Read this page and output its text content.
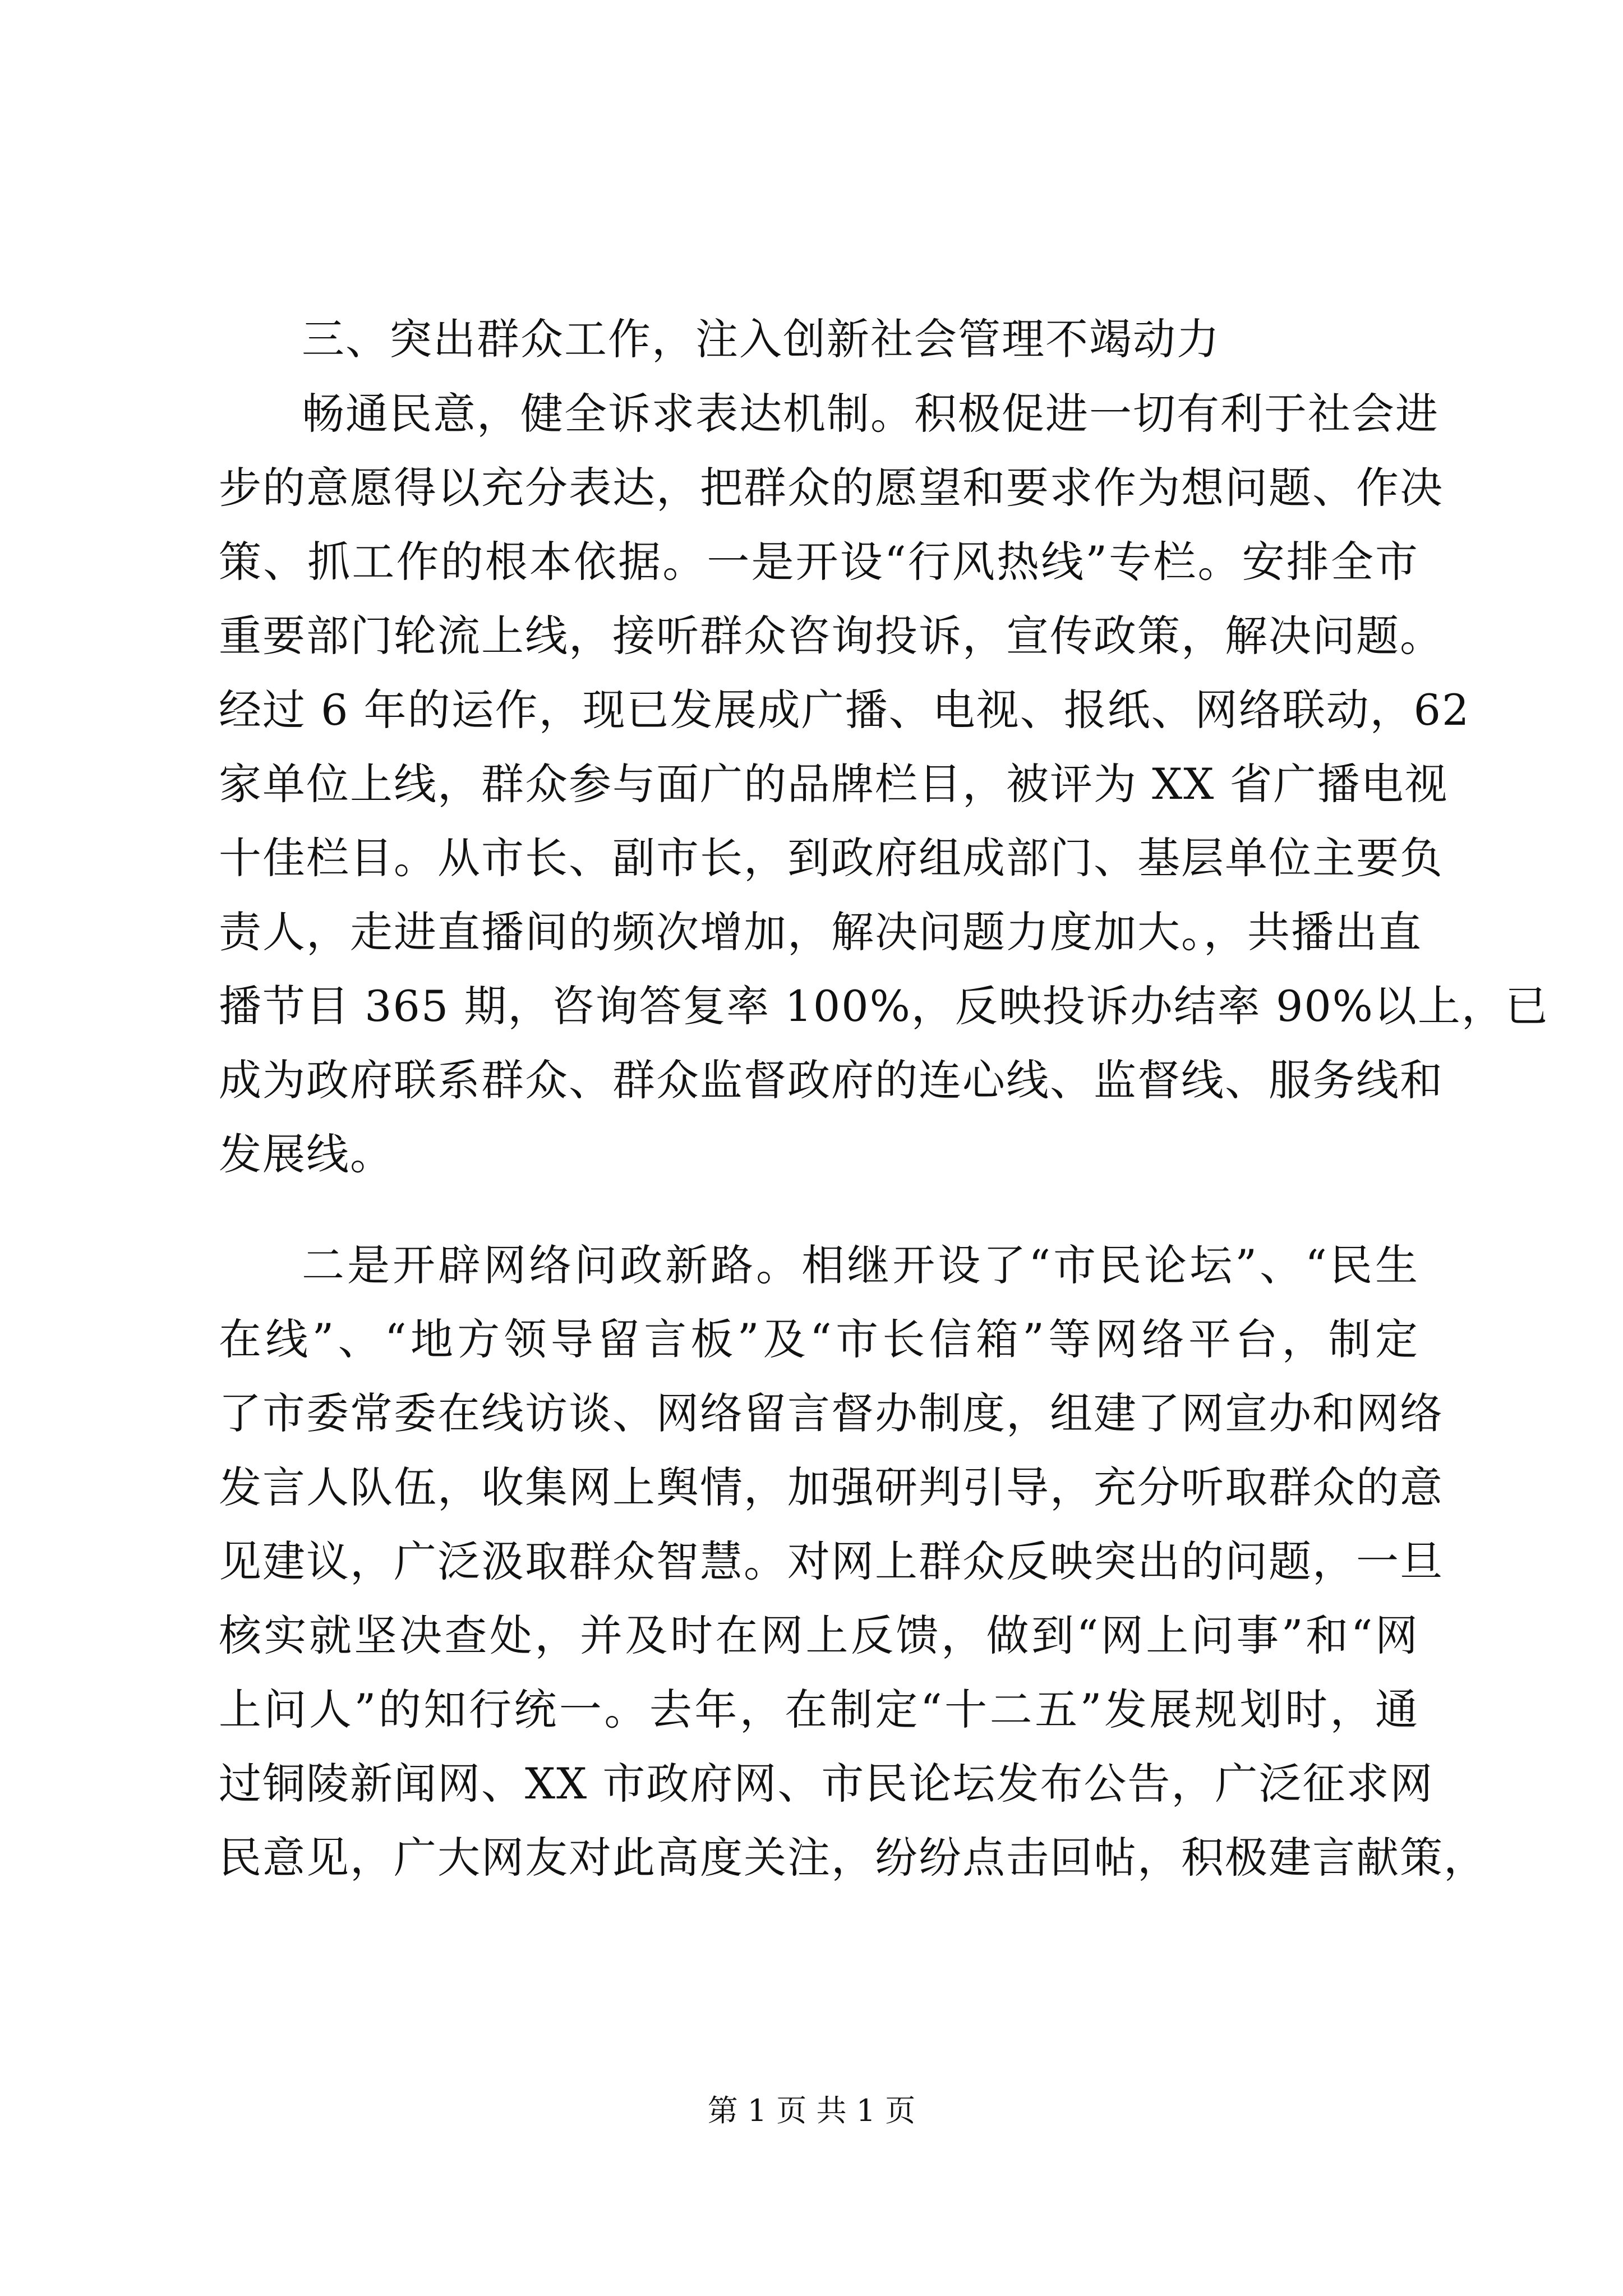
三、突出群众工作，注入创新社会管理不竭动力
畅通民意，健全诉求表达机制。积极促进一切有利于社会进
步的意愿得以充分表达，把群众的愿望和要求作为想问题、作决
策、抓工作的根本依据。一是开设“行风热线”专栏。安排全市
重要部门轮流上线，接听群众咨询投诉，宣传政策，解决问题。
经过 6 年的运作，现已发展成广播、电视、报纸、网络联动，62
家单位上线，群众参与面广的品牌栏目，被评为 XX 省广播电视
十佳栏目。从市长、副市长，到政府组成部门、基层单位主要负
责人，走进直播间的频次增加，解决问题力度加大。，共播出直
播节目 365 期，咨询答复率 100%，反映投诉办结率 90%以上，已
成为政府联系群众、群众监督政府的连心线、监督线、服务线和
发展线。
二是开辟网络问政新路。相继开设了“市民论坛”、“民生
在线”、“地方领导留言板”及“市长信箱”等网络平台，制定
了市委常委在线访谈、网络留言督办制度，组建了网宣办和网络
发言人队伍，收集网上舆情，加强研判引导，充分听取群众的意
见建议，广泛汲取群众智慧。对网上群众反映突出的问题，一旦
核实就坚决查处，并及时在网上反馈，做到“网上问事”和“网
上问人”的知行统一。去年，在制定“十二五”发展规划时，通
过铜陵新闻网、XX 市政府网、市民论坛发布公告，广泛征求网
民意见，广大网友对此高度关注，纷纷点击回帖，积极建言献策，
第 1 页 共 1 页
